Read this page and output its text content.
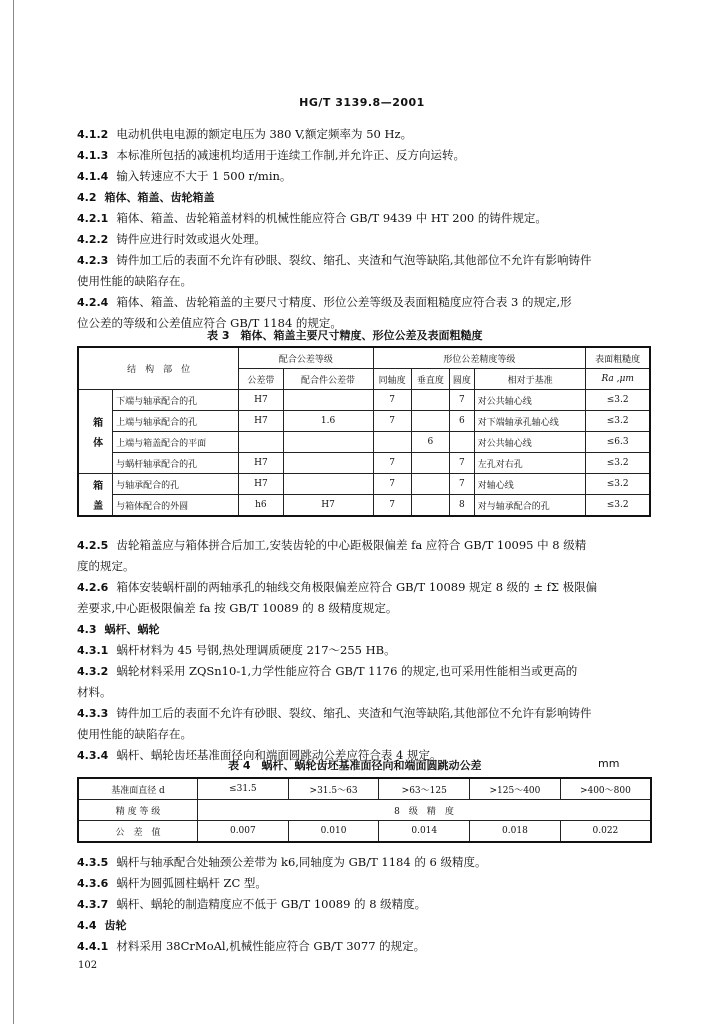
HG/T 3139.8—2001
4.1.2 电动机供电电源的额定电压为 380 V,额定频率为 50 Hz。
4.1.3 本标准所包括的减速机均适用于连续工作制,并允许正、反方向运转。
4.1.4 输入转速应不大于 1 500 r/min。
4.2 箱体、箱盖、齿轮箱盖
4.2.1 箱体、箱盖、齿轮箱盖材料的机械性能应符合 GB/T 9439 中 HT 200 的铸件规定。
4.2.2 铸件应进行时效或退火处理。
4.2.3 铸件加工后的表面不允许有砂眼、裂纹、缩孔、夹渣和气泡等缺陷,其他部位不允许有影响铸件
使用性能的缺陷存在。
4.2.4 箱体、箱盖、齿轮箱盖的主要尺寸精度、形位公差等级及表面粗糙度应符合表 3 的规定,形
位公差的等级和公差值应符合 GB/T 1184 的规定。
表 3　箱体、箱盖主要尺寸精度、形位公差及表面粗糙度
结　构　部　位		配合公差等级		形位公差精度等级				表面粗糙度
		公差带	配合件公差带	同轴度	垂直度	圆度	相对于基准	Ra ,μm
箱　体	下端与轴承配合的孔	H7		7		7	对公共轴心线	≤3.2
	上端与轴承配合的孔	H7	1.6	7		6	对下端轴承孔轴心线	≤3.2
	上端与箱盖配合的平面				6		对公共轴心线	≤6.3
	与蜗杆轴承配合的孔	H7		7		7	左孔对右孔	≤3.2
箱　盖	与轴承配合的孔	H7		7		7	对轴心线	≤3.2
	与箱体配合的外圆	h6	H7	7		8	对与轴承配合的孔	≤3.2
4.2.5 齿轮箱盖应与箱体拼合后加工,安装齿轮的中心距极限偏差 fa 应符合 GB/T 10095 中 8 级精
度的规定。
4.2.6 箱体安装蜗杆副的两轴承孔的轴线交角极限偏差应符合 GB/T 10089 规定 8 级的 ± fΣ 极限偏
差要求,中心距极限偏差 fa 按 GB/T 10089 的 8 级精度规定。
4.3 蜗杆、蜗轮
4.3.1 蜗杆材料为 45 号钢,热处理调质硬度 217～255 HB。
4.3.2 蜗轮材料采用 ZQSn10-1,力学性能应符合 GB/T 1176 的规定,也可采用性能相当或更高的
材料。
4.3.3 铸件加工后的表面不允许有砂眼、裂纹、缩孔、夹渣和气泡等缺陷,其他部位不允许有影响铸件
使用性能的缺陷存在。
4.3.4 蜗杆、蜗轮齿坯基准面径向和端面圆跳动公差应符合表 4 规定。
表 4　蜗杆、蜗轮齿坯基准面径向和端面圆跳动公差	mm
基准面直径 d	≤31.5	>31.5～63	>63～125	>125～400	>400～800
精 度 等 级	8　级　精　度				
公　差　值	0.007	0.010	0.014	0.018	0.022
4.3.5 蜗杆与轴承配合处轴颈公差带为 k6,同轴度为 GB/T 1184 的 6 级精度。
4.3.6 蜗杆为圆弧圆柱蜗杆 ZC 型。
4.3.7 蜗杆、蜗轮的制造精度应不低于 GB/T 10089 的 8 级精度。
4.4 齿轮
4.4.1 材料采用 38CrMoAl,机械性能应符合 GB/T 3077 的规定。
102
